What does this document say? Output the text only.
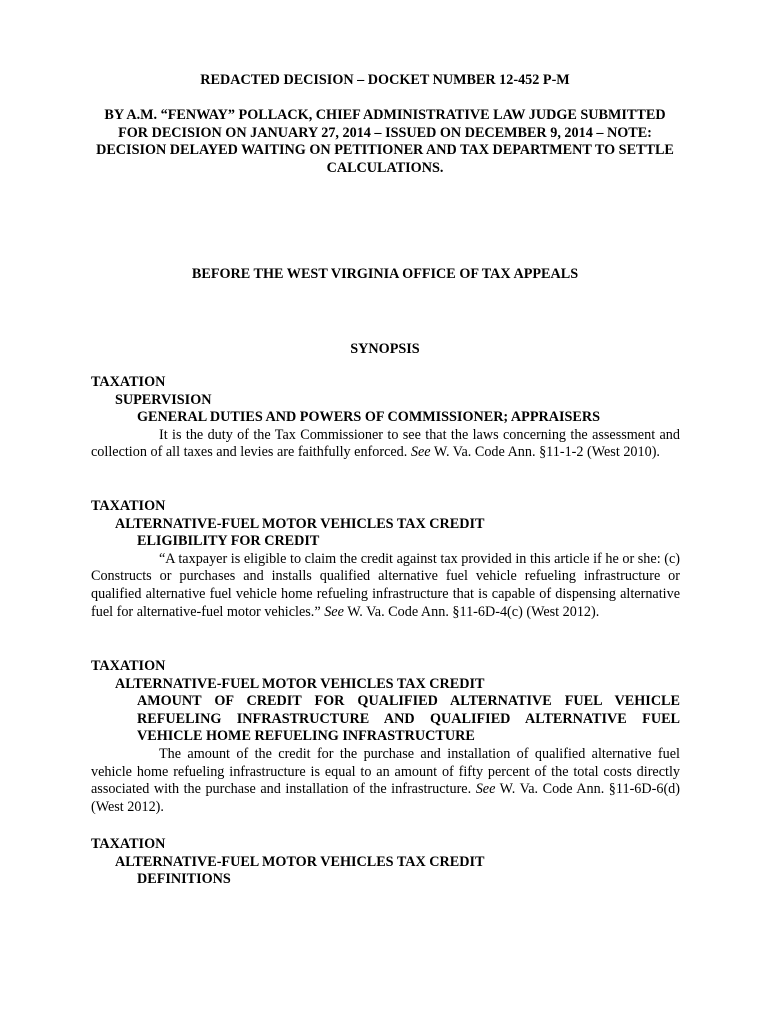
REDACTED DECISION – DOCKET NUMBER 12-452 P-M
BY A.M. “FENWAY” POLLACK, CHIEF ADMINISTRATIVE LAW JUDGE SUBMITTED FOR DECISION ON JANUARY 27, 2014 – ISSUED ON DECEMBER 9, 2014 – NOTE: DECISION DELAYED WAITING ON PETITIONER AND TAX DEPARTMENT TO SETTLE CALCULATIONS.
BEFORE THE WEST VIRGINIA OFFICE OF TAX APPEALS
SYNOPSIS
TAXATION
SUPERVISION
GENERAL DUTIES AND POWERS OF COMMISSIONER; APPRAISERS
It is the duty of the Tax Commissioner to see that the laws concerning the assessment and collection of all taxes and levies are faithfully enforced. See W. Va. Code Ann. §11-1-2 (West 2010).
TAXATION
ALTERNATIVE-FUEL MOTOR VEHICLES TAX CREDIT
ELIGIBILITY FOR CREDIT
“A taxpayer is eligible to claim the credit against tax provided in this article if he or she: (c) Constructs or purchases and installs qualified alternative fuel vehicle refueling infrastructure or qualified alternative fuel vehicle home refueling infrastructure that is capable of dispensing alternative fuel for alternative-fuel motor vehicles.” See W. Va. Code Ann. §11-6D-4(c) (West 2012).
TAXATION
ALTERNATIVE-FUEL MOTOR VEHICLES TAX CREDIT
AMOUNT OF CREDIT FOR QUALIFIED ALTERNATIVE FUEL VEHICLE REFUELING INFRASTRUCTURE AND QUALIFIED ALTERNATIVE FUEL VEHICLE HOME REFUELING INFRASTRUCTURE
The amount of the credit for the purchase and installation of qualified alternative fuel vehicle home refueling infrastructure is equal to an amount of fifty percent of the total costs directly associated with the purchase and installation of the infrastructure. See W. Va. Code Ann. §11-6D-6(d) (West 2012).
TAXATION
ALTERNATIVE-FUEL MOTOR VEHICLES TAX CREDIT
DEFINITIONS
